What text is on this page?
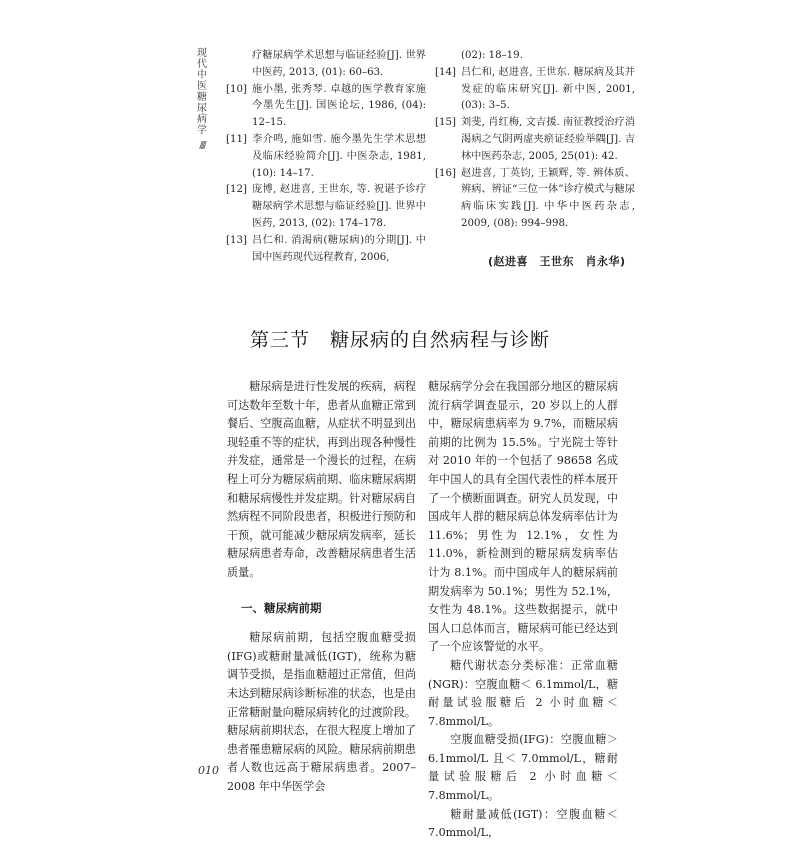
现代中医糖尿病学
////
疗糖尿病学术思想与临证经验[J]. 世界中医药, 2013, (01): 60–63.
[10] 施小墨, 张秀琴. 卓越的医学教育家施今墨先生[J]. 国医论坛, 1986, (04): 12–15.
[11] 李介鸣, 施如雪. 施今墨先生学术思想及临床经验简介[J]. 中医杂志, 1981, (10): 14–17.
[12] 庞博, 赵进喜, 王世东, 等. 祝谌予诊疗糖尿病学术思想与临证经验[J]. 世界中医药, 2013, (02): 174–178.
[13] 吕仁和. 消渴病(糖尿病)的分期[J]. 中国中医药现代远程教育, 2006,
(02): 18–19.
[14] 吕仁和, 赵进喜, 王世东. 糖尿病及其并发症的临床研究[J]. 新中医, 2001, (03): 3–5.
[15] 刘斐, 肖红梅, 文吉援. 南征教授治疗消渴病之气阴两虚夹瘀证经验举隅[J]. 吉林中医药杂志, 2005, 25(01): 42.
[16] 赵进喜, 丁英钧, 王颖辉, 等. 辨体质、辨病、辨证“三位一体”诊疗模式与糖尿病临床实践[J]. 中华中医药杂志, 2009, (08): 994–998.
(赵进喜　王世东　肖永华)
第三节　糖尿病的自然病程与诊断

糖尿病是进行性发展的疾病，病程可达数年至数十年，患者从血糖正常到餐后、空腹高血糖，从症状不明显到出现轻重不等的症状，再到出现各种慢性并发症，通常是一个漫长的过程，在病程上可分为糖尿病前期、临床糖尿病期和糖尿病慢性并发症期。针对糖尿病自然病程不同阶段患者，积极进行预防和干预，就可能减少糖尿病发病率，延长糖尿病患者寿命，改善糖尿病患者生活质量。

一、糖尿病前期

糖尿病前期，包括空腹血糖受损(IFG)或糖耐量减低(IGT)，统称为糖调节受损，是指血糖超过正常值，但尚未达到糖尿病诊断标准的状态，也是由正常糖耐量向糖尿病转化的过渡阶段。糖尿病前期状态，在很大程度上增加了患者罹患糖尿病的风险。糖尿病前期患者人数也远高于糖尿病患者。2007–2008 年中华医学会

糖尿病学分会在我国部分地区的糖尿病流行病学调查显示，20 岁以上的人群中，糖尿病患病率为 9.7%，而糖尿病前期的比例为 15.5%。宁光院士等针对 2010 年的一个包括了 98658 名成年中国人的具有全国代表性的样本展开了一个横断面调查。研究人员发现，中国成年人群的糖尿病总体发病率估计为 11.6%；男性为 12.1%，女性为 11.0%，新检测到的糖尿病发病率估计为 8.1%。而中国成年人的糖尿病前期发病率为 50.1%；男性为 52.1%，女性为 48.1%。这些数据提示，就中国人口总体而言，糖尿病可能已经达到了一个应该警觉的水平。

糖代谢状态分类标准：正常血糖(NGR)：空腹血糖＜ 6.1mmol/L，糖耐量试验服糖后 2 小时血糖＜ 7.8mmol/L。

空腹血糖受损(IFG)：空腹血糖＞ 6.1mmol/L 且＜ 7.0mmol/L，糖耐量试验服糖后 2 小时血糖＜ 7.8mmol/L。

糖耐量减低(IGT)：空腹血糖＜ 7.0mmol/L，

010
